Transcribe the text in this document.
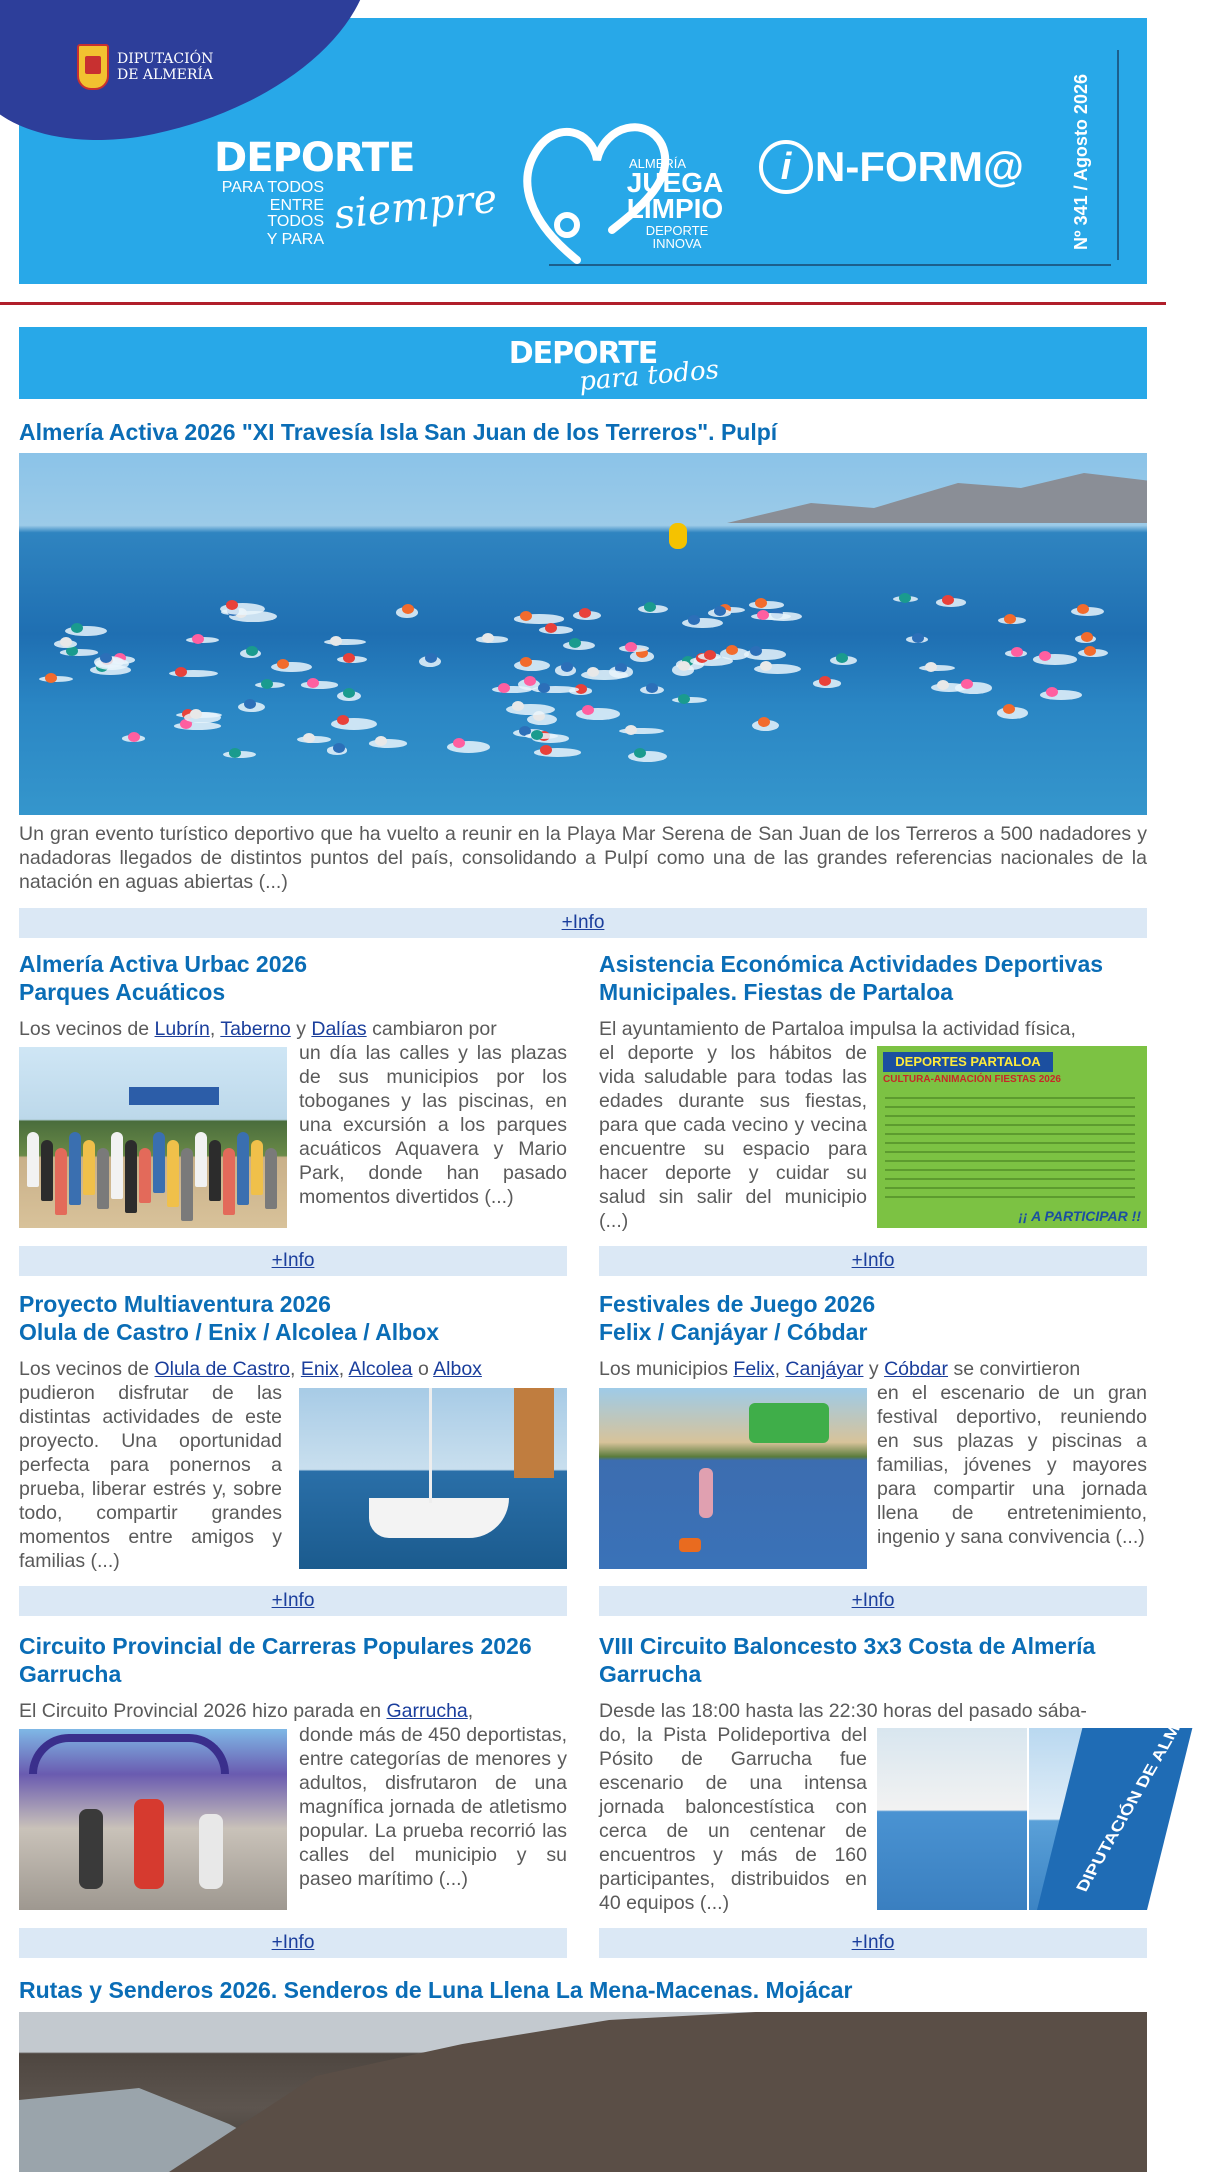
DIPUTACIÓN
DE ALMERÍA
DEPORTE
PARA TODOS
ENTRE TODOS
Y PARA
siempre
ALMERÍA
JUEGA LIMPIO
DEPORTE
INNOVA
i N-FORM@	Nº 341 / Agosto 2026
DEPORTE
para todos
Almería Activa 2026 "XI Travesía Isla San Juan de los Terreros". Pulpí
Un gran evento turístico deportivo que ha vuelto a reunir en la Playa Mar Serena de San Juan de los Terreros a 500 nadadores y nadadoras llegados de distintos puntos del país, consolidando a Pulpí como una de las grandes referencias nacionales de la natación en aguas abiertas (...)
+Info
Almería Activa Urbac 2026
Parques Acuáticos
Los vecinos de Lubrín, Taberno y Dalías cambiaron por
un día las calles y las plazas de sus municipios por los toboganes y las piscinas, en una excursión a los parques acuáticos Aquavera y Mario Park, donde han pasado momentos divertidos (...)
+Info
Asistencia Económica Actividades Deportivas
Municipales. Fiestas de Partaloa
El ayuntamiento de Partaloa impulsa la actividad física,
el deporte y los hábitos de vida saludable para todas las edades durante sus fiestas, para que cada vecino y vecina encuentre su espacio para hacer deporte y cuidar su salud sin salir del municipio (...)
DEPORTES PARTALOA
CULTURA-ANIMACIÓN FIESTAS 2026
¡¡ A PARTICIPAR !!
+Info
Proyecto Multiaventura 2026
Olula de Castro / Enix / Alcolea / Albox
Los vecinos de Olula de Castro, Enix, Alcolea o Albox
pudieron disfrutar de las distintas actividades de este proyecto. Una oportunidad perfecta para ponernos a prueba, liberar estrés y, sobre todo, compartir grandes momentos entre amigos y familias (...)
+Info
Festivales de Juego 2026
Felix / Canjáyar / Cóbdar
Los municipios Felix, Canjáyar y Cóbdar se convirtieron
en el escenario de un gran festival deportivo, reuniendo en sus plazas y piscinas a familias, jóvenes y mayores para compartir una jornada llena de entretenimiento, ingenio y sana convivencia (...)
+Info
Circuito Provincial de Carreras Populares 2026
Garrucha
El Circuito Provincial 2026 hizo parada en Garrucha,
donde más de 450 deportistas, entre categorías de menores y adultos, disfrutaron de una magnífica jornada de atletismo popular. La prueba recorrió las calles del municipio y su paseo marítimo (...)
+Info
VIII Circuito Baloncesto 3x3 Costa de Almería
Garrucha
Desde las 18:00 hasta las 22:30 horas del pasado sába-
do, la Pista Polideportiva del Pósito de Garrucha fue escenario de una intensa jornada baloncestística con cerca de un centenar de encuentros y más de 160 participantes, distribuidos en 40 equipos (...)
DIPUTACIÓN DE ALMERÍA
+Info
Rutas y Senderos 2026. Senderos de Luna Llena La Mena-Macenas. Mojácar
